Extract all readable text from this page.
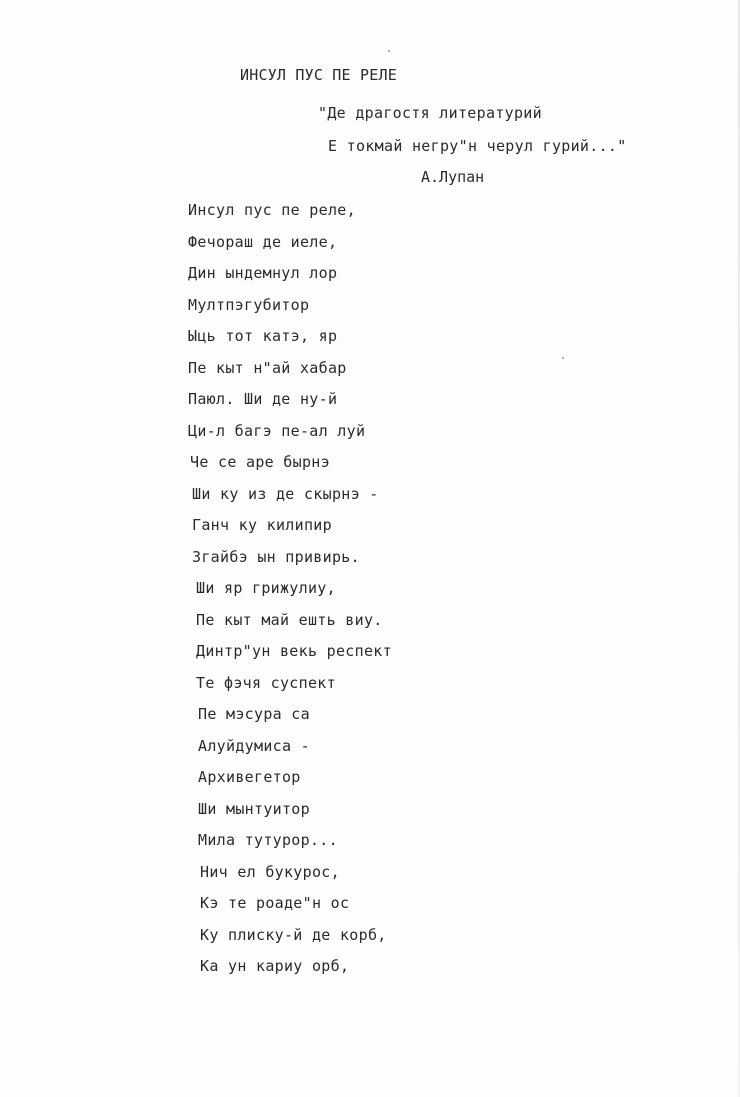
ИНСУЛ ПУС ПЕ РЕЛЕ
"Де драгостя литературий
Е токмай негру"н черул гурий..."
А.Лупан
Инсул пус пе реле,
Фечораш де иеле,
Дин ындемнул лор
Мултпэгубитор
Ыць тот катэ, яр
Пе кыт н"ай хабар
Паюл. Ши де ну-й
Ци-л багэ пе-ал луй
Че се аре бырнэ
Ши ку из де скырнэ -
Ганч ку килипир
Згайбэ ын привирь.
Ши яр грижулиу,
Пе кыт май ешть виу.
Динтр"ун векь респект
Те фэчя суспект
Пе мэсура са
Алуйдумиса -
Архивегетор
Ши мынтуитор
Мила тутурор...
Нич ел букурос,
Кэ те роаде"н ос
Ку плиску-й де корб,
Ка ун кариу орб,
